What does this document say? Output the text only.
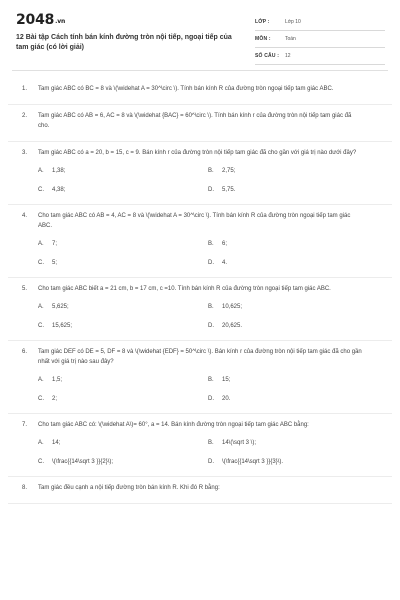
2048.vn
12 Bài tập Cách tính bán kính đường tròn nội tiếp, ngoại tiếp của tam giác (có lời giải)
LỚP :	Lớp 10
MÔN :	Toán
SỐ CÂU : 12
1.	Tam giác ABC có BC = 8 và \(\widehat A = 30^\circ \). Tính bán kính R của đường tròn ngoại tiếp tam giác ABC.
2.	Tam giác ABC có AB = 6, AC = 8 và \(\widehat {BAC} = 60^\circ \). Tính bán kính r của đường tròn nội tiếp tam giác đã cho.
3.	Tam giác ABC có a = 20, b = 15, c = 9. Bán kính r của đường tròn nội tiếp tam giác đã cho gần với giá trị nào dưới đây?
A.	1,38;	B.	2,75;
C.	4,38;	D.	5,75.
4.	Cho tam giác ABC có AB = 4, AC = 8 và \(\widehat A = 30^\circ \). Tính bán kính R của đường tròn ngoại tiếp tam giác ABC.
A.	7;	B.	6;
C.	5;	D.	4.
5.	Cho tam giác ABC biết a = 21 cm, b = 17 cm, c =10. Tính bán kính R của đường tròn ngoại tiếp tam giác ABC.
A.	5,625;	B.	10,625;
C.	15,625;	D.	20,625.
6.	Tam giác DEF có DE = 5, DF = 8 và \(\widehat {EDF} = 50^\circ \). Bán kính r của đường tròn nội tiếp tam giác đã cho gần nhất với giá trị nào sau đây?
A.	1,5;	B.	15;
C.	2;	D.	20.
7.	Cho tam giác ABC có: \(\widehat A\)= 60°, a = 14. Bán kính đường tròn ngoại tiếp tam giác ABC bằng:
A.	14;	B.	14\(\sqrt 3 \);
C.	\(\frac{{14\sqrt 3 }}{2}\);	D.	\(\frac{{14\sqrt 3 }}{3}\).
8.	Tam giác đều cạnh a nội tiếp đường tròn bán kính R. Khi đó R bằng:
